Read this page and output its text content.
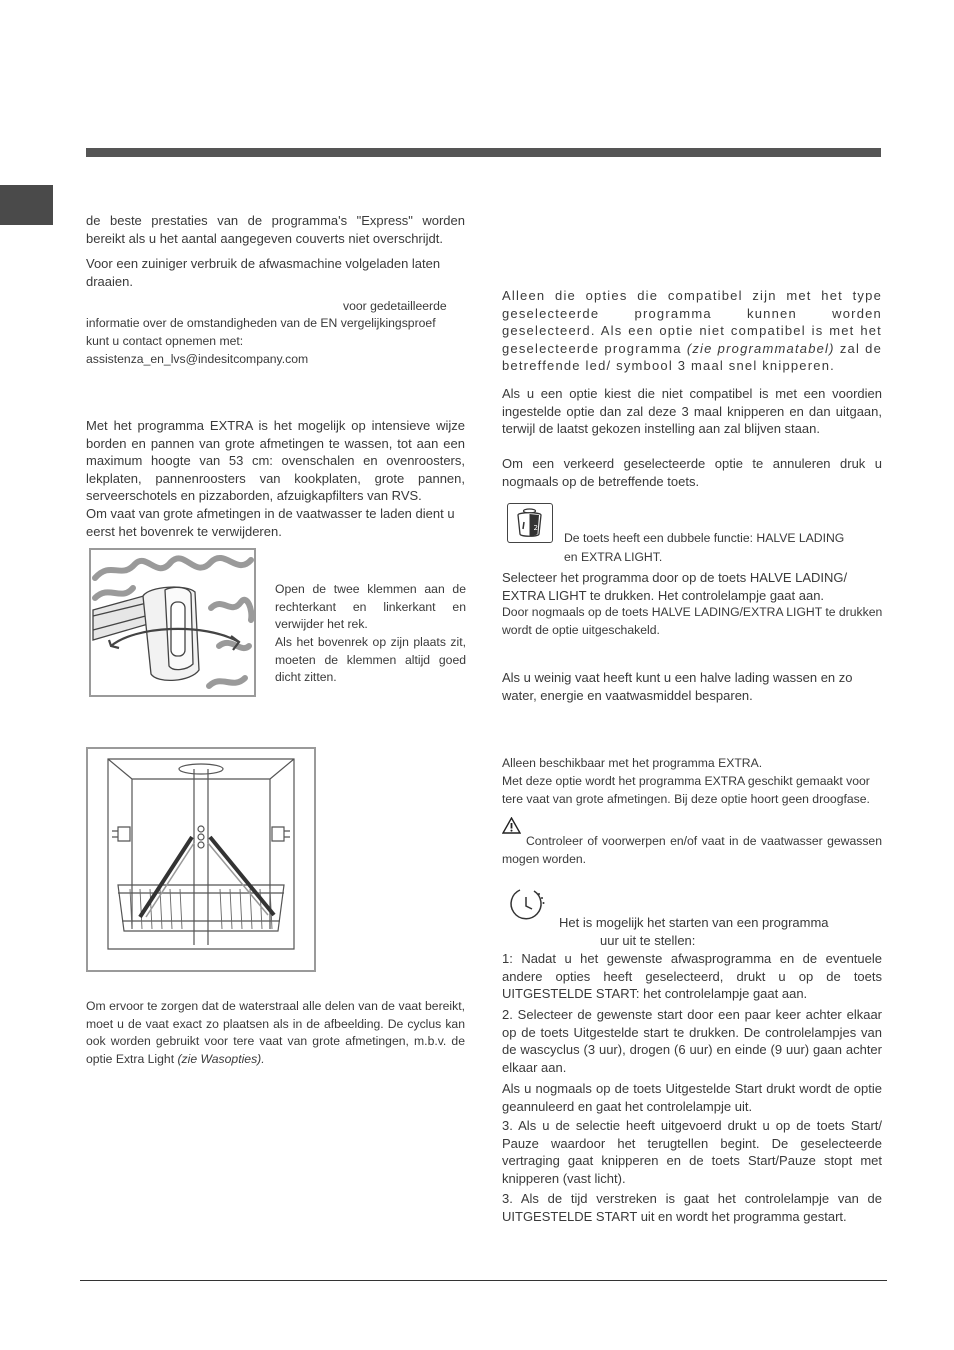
de beste prestaties van de programma's "Express" worden bereikt als u het aantal aangegeven couverts niet overschrijdt.

Voor een zuiniger verbruik de afwasmachine volgeladen laten draaien.

voor gedetailleerde

informatie over de omstandigheden van de EN vergelijkingsproef

kunt u contact opnemen met:

assistenza_en_lvs@indesitcompany.com

Met het programma EXTRA is het mogelijk op intensieve wijze borden en pannen van grote afmetingen te wassen, tot aan een maximum hoogte van 53 cm: ovenschalen en ovenroosters, lekplaten, pannenroosters van kookplaten, grote pannen, serveerschotels en pizzaborden, afzuigkapfilters van RVS.

Om vaat van grote afmetingen in de vaatwasser te laden dient u eerst het bovenrek te verwijderen.

Open de twee klemmen aan de rechterkant en linkerkant en verwijder het rek.

Als het bovenrek op zijn plaats zit, moeten de klemmen altijd goed dicht zitten.

Om ervoor te zorgen dat de waterstraal alle delen van de vaat bereikt, moet u de vaat exact zo plaatsen als in de afbeelding. De cyclus kan ook worden gebruikt voor tere vaat van grote afmetingen, m.b.v. de optie Extra Light (zie Wasopties).

Alleen die opties die compatibel zijn met het type geselecteerde programma kunnen worden geselecteerd. Als een optie niet compatibel is met het geselecteerde programma (zie programmatabel) zal de betreffende led/ symbool 3 maal snel knipperen.

Als u een optie kiest die niet compatibel is met een voordien ingestelde optie dan zal deze 3 maal knipperen en dan uitgaan, terwijl de laatst gekozen instelling aan zal blijven staan.

Om een verkeerd geselecteerde optie te annuleren druk u nogmaals op de betreffende toets.

2

De toets heeft een dubbele functie: HALVE LADING

en EXTRA LIGHT.

Selecteer het programma door op de toets HALVE LADING/ EXTRA LIGHT te drukken. Het controlelampje gaat aan.

Door nogmaals op de toets HALVE LADING/EXTRA LIGHT te drukken wordt de optie uitgeschakeld.

Als u weinig vaat heeft kunt u een halve lading wassen en zo water, energie en vaatwasmiddel besparen.

Alleen beschikbaar met het programma EXTRA.

Met deze optie wordt het programma EXTRA geschikt gemaakt voor tere vaat van grote afmetingen. Bij deze optie hoort geen droogfase.

Controleer of voorwerpen en/of vaat in de vaatwasser gewassen mogen worden.

Het is mogelijk het starten van een programma

uur uit te stellen:

1: Nadat u het gewenste afwasprogramma en de eventuele andere opties heeft geselecteerd, drukt u op de toets UITGESTELDE START: het controlelampje gaat aan.

2. Selecteer de gewenste start door een paar keer achter elkaar op de toets Uitgestelde start te drukken. De controlelampjes van de wascyclus (3 uur), drogen (6 uur) en einde (9 uur) gaan achter elkaar aan.

Als u nogmaals op de toets Uitgestelde Start drukt wordt de optie geannuleerd en gaat het controlelampje uit.

3. Als u de selectie heeft uitgevoerd drukt u op de toets Start/ Pauze waardoor het terugtellen begint. De geselecteerde vertraging gaat knipperen en de toets Start/Pauze stopt met knipperen (vast licht).

3. Als de tijd verstreken is gaat het controlelampje van de UITGESTELDE START uit en wordt het programma gestart.
